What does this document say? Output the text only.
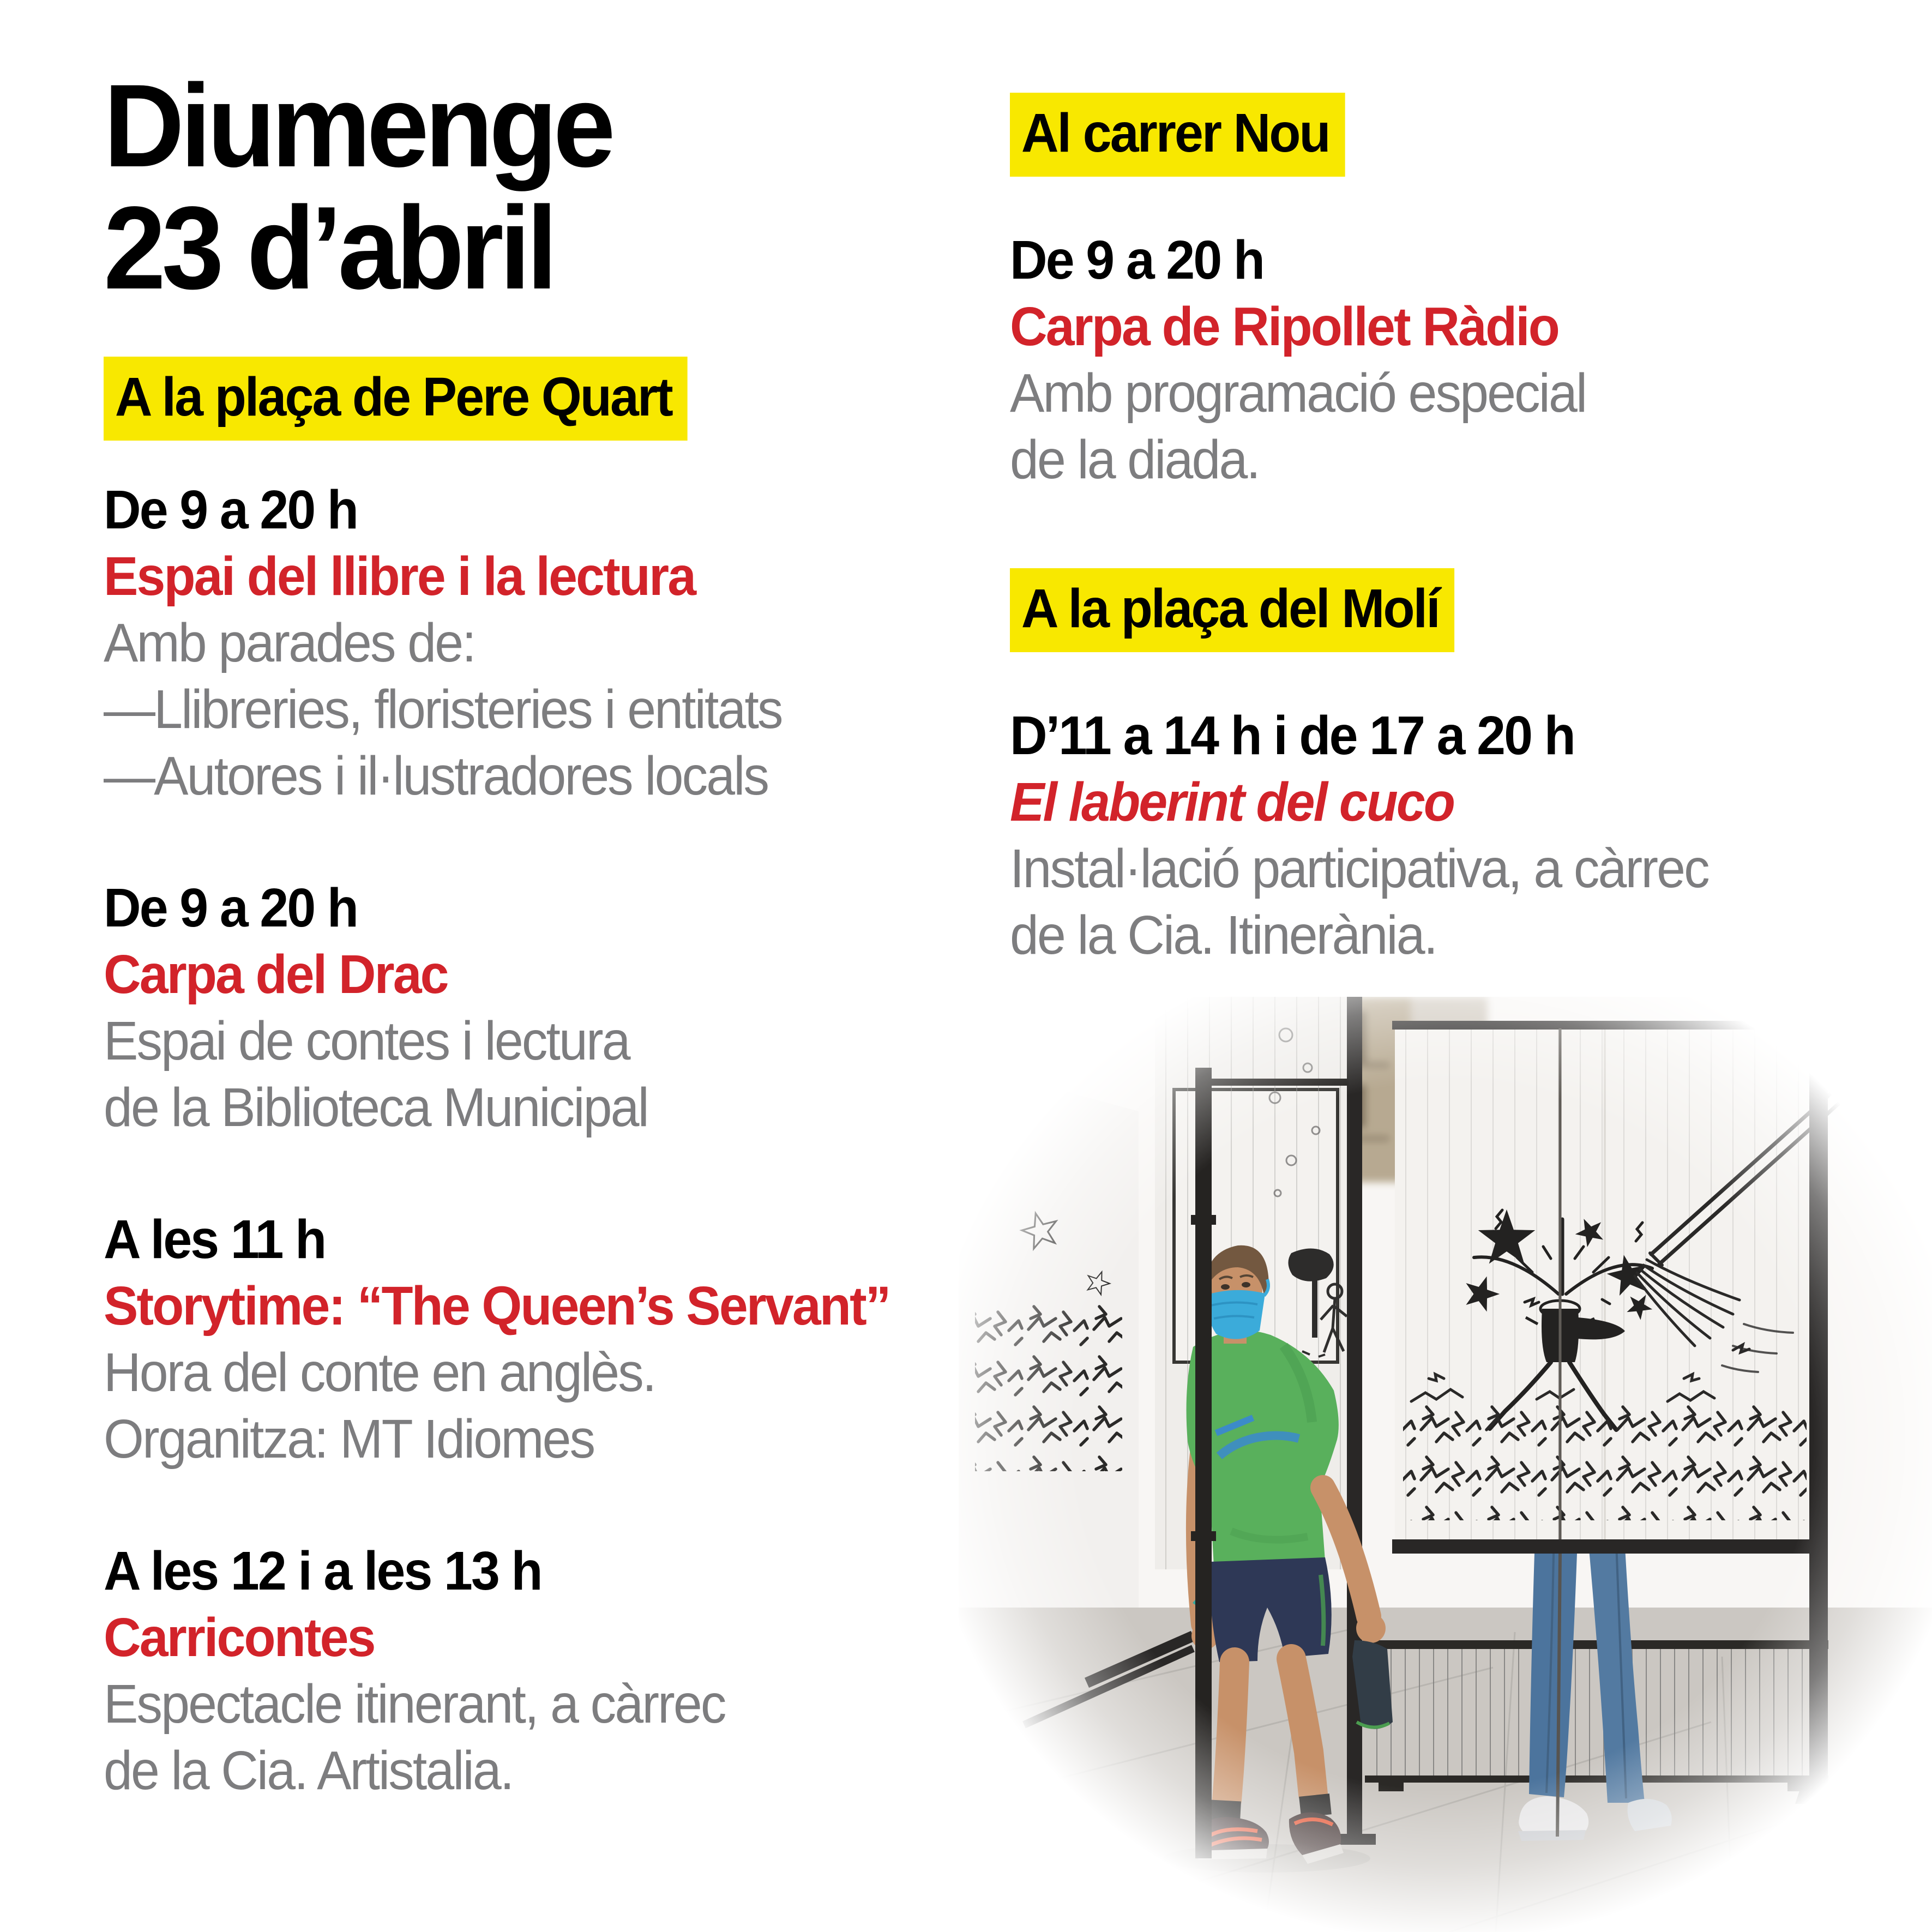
Diumenge
23 d’abril
A la plaça de Pere Quart
De 9 a 20 h
Espai del llibre i la lectura
Amb parades de:
—Llibreries, floristeries i entitats
—Autores i il·lustradores locals
De 9 a 20 h
Carpa del Drac
Espai de contes i lectura
de la Biblioteca Municipal
A les 11 h
Storytime: “The Queen’s Servant”
Hora del conte en anglès.
Organitza: MT Idiomes
A les 12 i a les 13 h
Carricontes
Espectacle itinerant, a càrrec
de la Cia. Artistalia.
Al carrer Nou
De 9 a 20 h
Carpa de Ripollet Ràdio
Amb programació especial
de la diada.
A la plaça del Molí
D’11 a 14 h i de 17 a 20 h
El laberint del cuco
Instal·lació participativa, a càrrec
de la Cia. Itinerània.
